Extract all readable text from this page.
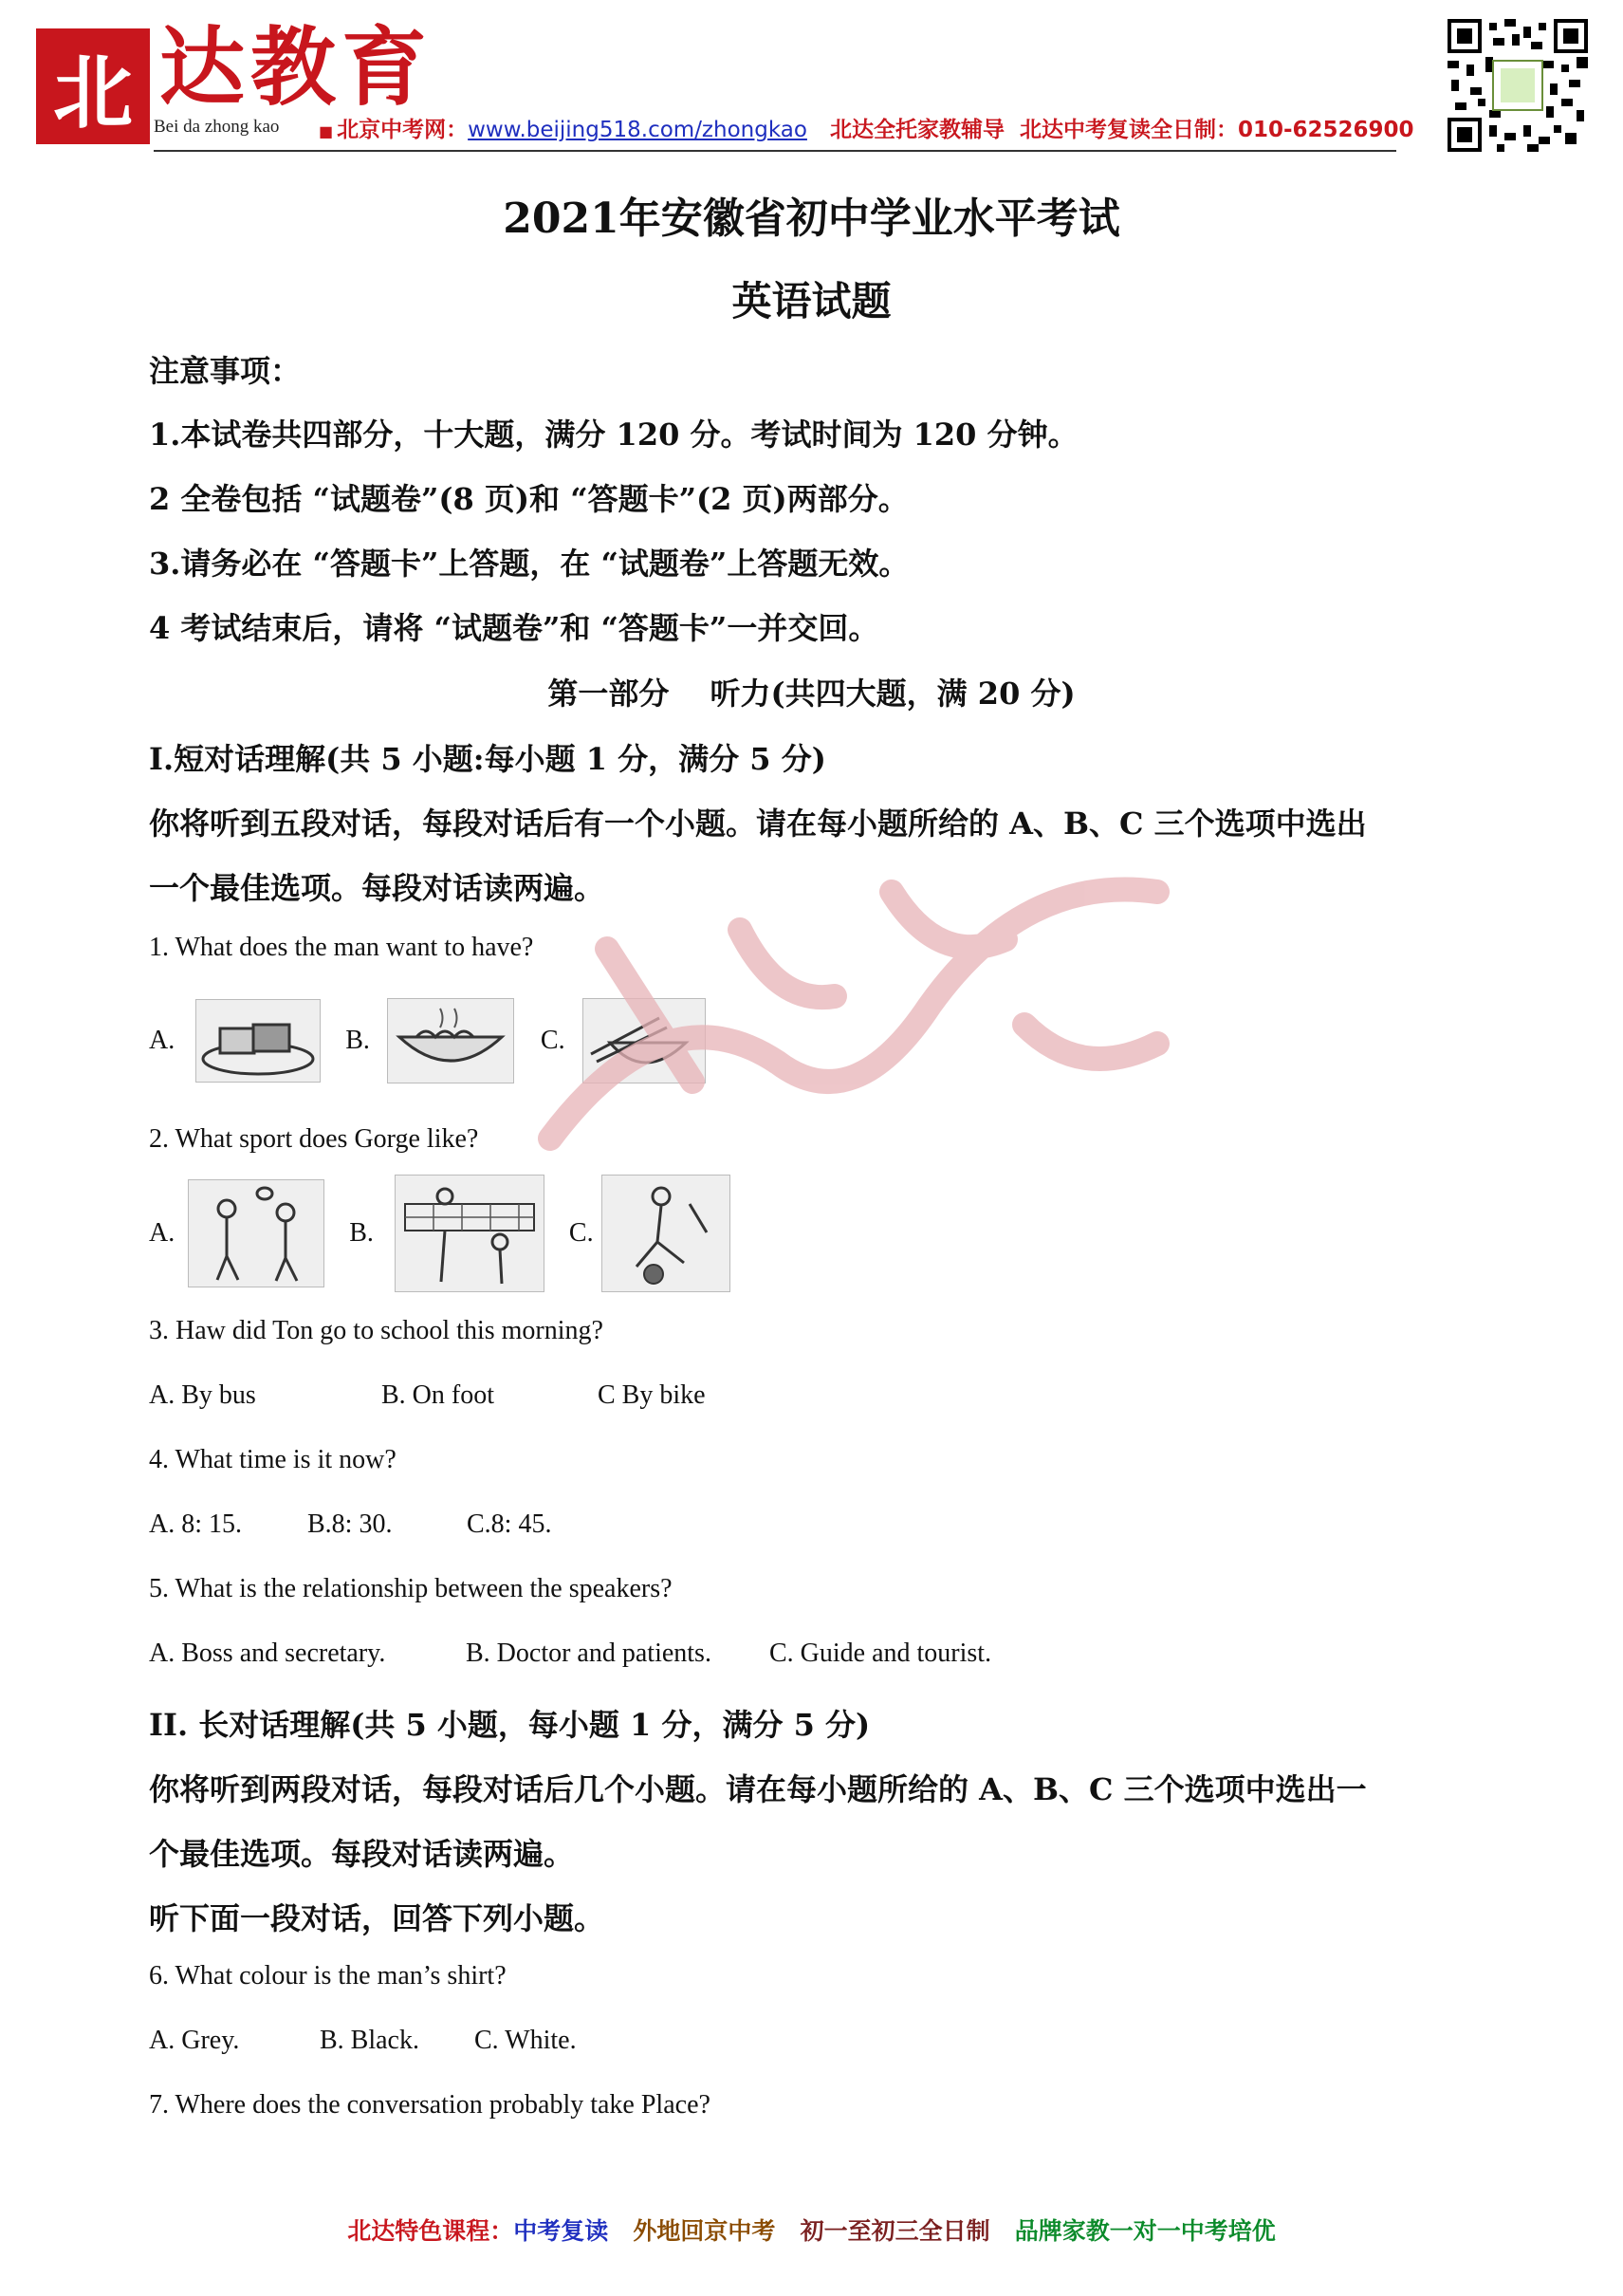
北 达教育
Bei da zhong kao	■ 北京中考网：www.beijing518.com/zhongkao 北达全托家教辅导 北达中考复读全日制：010-62526900
2021年安徽省初中学业水平考试
英语试题
注意事项：
1.本试卷共四部分，十大题，满分 120 分。考试时间为 120 分钟。
2 全卷包括 “试题卷”(8 页)和 “答题卡”(2 页)两部分。
3.请务必在 “答题卡”上答题，在 “试题卷”上答题无效。
4 考试结束后，请将 “试题卷”和 “答题卡”一并交回。
第一部分　 听力(共四大题，满 20 分)
I.短对话理解(共 5 小题:每小题 1 分，满分 5 分)
你将听到五段对话，每段对话后有一个小题。请在每小题所给的 A、B、C 三个选项中选出
一个最佳选项。每段对话读两遍。
1. What does the man want to have?
A.	B.	C.
2. What sport does Gorge like?
A.	B.	C.
3. Haw did Ton go to school this morning?
A. By bus	B. On foot	C By bike
4. What time is it now?
A. 8: 15. B.8: 30.	C.8: 45.
5. What is the relationship between the speakers?
A. Boss and secretary.	B. Doctor and patients. C. Guide and tourist.
II. 长对话理解(共 5 小题，每小题 1 分，满分 5 分)
你将听到两段对话，每段对话后几个小题。请在每小题所给的 A、B、C 三个选项中选出一
个最佳选项。每段对话读两遍。
听下面一段对话，回答下列小题。
6. What colour is the man’s shirt?
A. Grey.	B. Black. C. White.
7. Where does the conversation probably take Place?
北达特色课程：中考复读 外地回京中考 初一至初三全日制 品牌家教一对一中考培优
